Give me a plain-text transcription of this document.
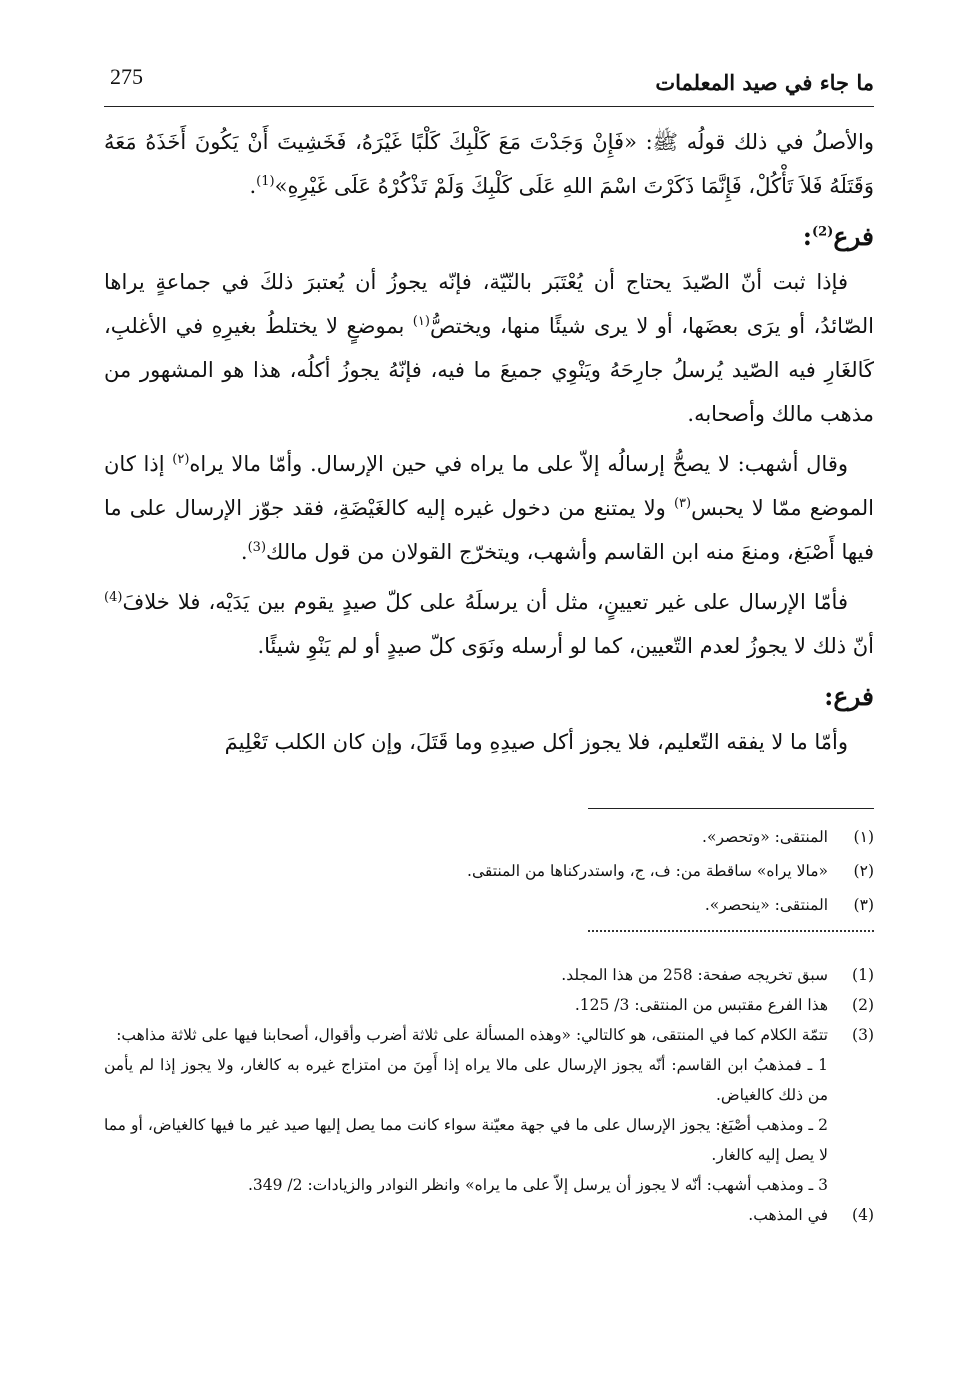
275	ما جاء في صيد المعلمات

والأصلُ في ذلك قولُه ﷺ: «فَإِنْ وَجَدْتَ مَعَ كَلْبِكَ كَلْبًا غَيْرَهُ، فَخَشِيتَ أَنْ يَكُونَ أَخَذَهُ مَعَهُ وَقَتَلَهُ فَلاَ تَأْكُلْ، فَإِنَّمَا ذَكَرْتَ اسْمَ اللهِ عَلَى كَلْبِكَ وَلَمْ تَذْكُرْهُ عَلَى غَيْرِهِ»$^{(1)}$.

فرع$^{(2)}$:

فإذا ثبت أنّ الصّيدَ يحتاج أن يُعْتَبَر بالنّيّة، فإنّه يجوزُ أن يُعتبرَ ذلكَ في جماعةٍ يراها الصّائدُ، أو يرَى بعضَها، أو لا يرى شيئًا منها، ويختصُّ$^{(١)}$ بموضعٍ لا يختلطُ بغيرِهِ في الأغلبِ، كَالغَارِ فيه الصّيد يُرسلُ جارِحَهُ ويَنْوِي جميعَ ما فيه، فإنّهُ يجوزُ أكلُه، هذا هو المشهور من مذهب مالك وأصحابه.

وقال أشهب: لا يصحُّ إرسالُه إلاّ على ما يراه في حين الإرسال. وأمّا مالا يراه$^{(٢)}$ إذا كان الموضع ممّا لا يحبس$^{(٣)}$ ولا يمتنع من دخول غيره إليه كالغَيْضَةِ، فقد جوّز الإرسال على ما فيها أَصْبَغ، ومنعَ منه ابن القاسم وأشهب، ويتخرّج القولان من قول مالك$^{(3)}$.

فأمّا الإرسال على غير تعيينٍ، مثل أن يرسلَهُ على كلّ صيدٍ يقوم بين يَدَيْه، فلا خلافَ$^{(4)}$ أنّ ذلك لا يجوزُ لعدم التّعيين، كما لو أرسله ونَوَى كلّ صيدٍ أو لم يَنْوِ شيئًا.

فرع:

وأمّا ما لا يفقه التّعليم، فلا يجوز أكل صيدِهِ وما قَتَلَ، وإن كان الكلب تَعْلِيمَ

(١)
المنتقى: «وتحصر».
(٢)
«مالا يراه» ساقطة من: ف، ج، واستدركناها من المنتقى.
(٣)
المنتقى: «ينحصر».
(1)
سبق تخريجه صفحة: 258 من هذا المجلد.
(2)
هذا الفرع مقتبس من المنتقى: 3/ 125.
(3)
تتمّة الكلام كما في المنتقى، هو كالتالي: «وهذه المسألة على ثلاثة أضرب وأقوال، أصحابنا فيها على ثلاثة مذاهب:
1 ـ فمذهبُ ابن القاسم: أنّه يجوز الإرسال على مالا يراه إذا أَمِنَ من امتزاج غيره به كالغار، ولا يجوز إذا لم يأمن من ذلك كالغياض.
2 ـ ومذهب أصْبَغ: يجوز الإرسال على ما في جهة معيّنة سواء كانت مما يصل إليها صيد غير ما فيها كالغياض، أو مما لا يصل إليه كالغار.
3 ـ ومذهب أشهب: أنّه لا يجوز أن يرسل إلاّ على ما يراه» وانظر النوادر والزيادات: 2/ 349.
(4)
في المذهب.
